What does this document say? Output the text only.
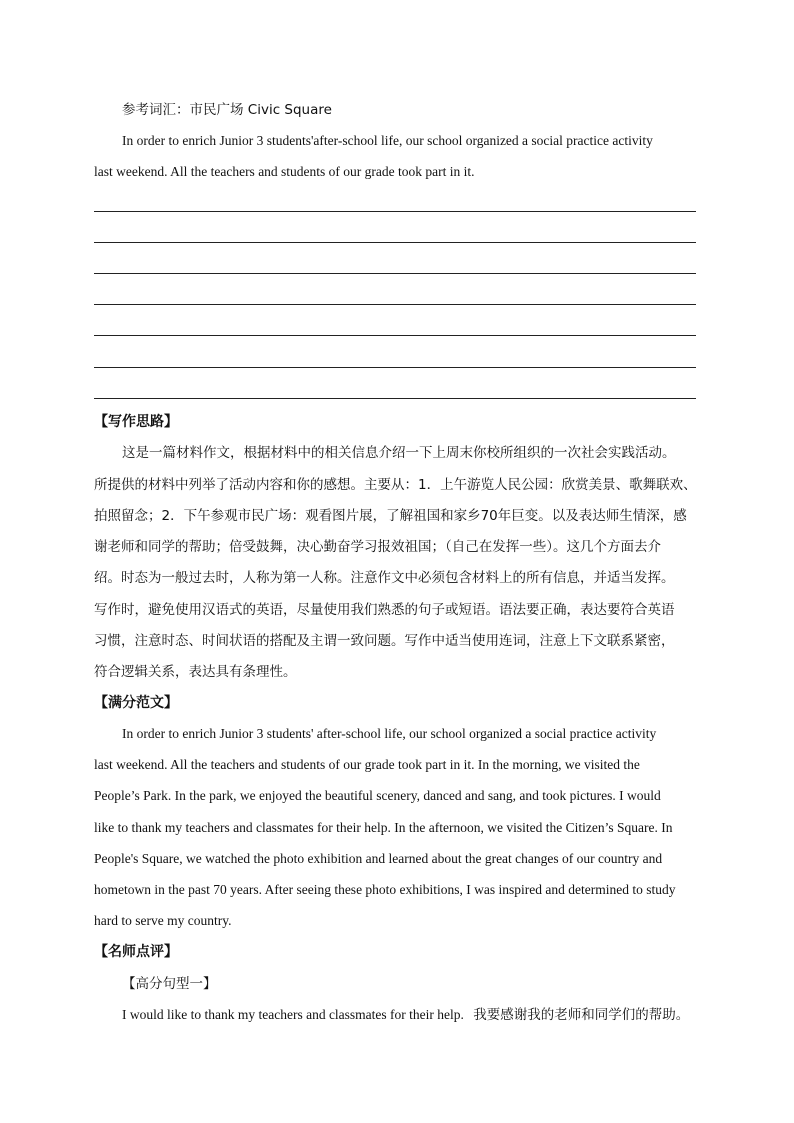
参考词汇：市民广场 Civic Square
In order to enrich Junior 3 students'after-school life, our school organized a social practice activity
last weekend. All the teachers and students of our grade took part in it.
【写作思路】
这是一篇材料作文，根据材料中的相关信息介绍一下上周末你校所组织的一次社会实践活动。
所提供的材料中列举了活动内容和你的感想。主要从：1．上午游览人民公园：欣赏美景、歌舞联欢、
拍照留念；2．下午参观市民广场：观看图片展，了解祖国和家乡70年巨变。以及表达师生情深，感
谢老师和同学的帮助；倍受鼓舞，决心勤奋学习报效祖国；（自己在发挥一些）。这几个方面去介
绍。时态为一般过去时，人称为第一人称。注意作文中必须包含材料上的所有信息，并适当发挥。
写作时，避免使用汉语式的英语，尽量使用我们熟悉的句子或短语。语法要正确，表达要符合英语
习惯，注意时态、时间状语的搭配及主谓一致问题。写作中适当使用连词，注意上下文联系紧密，
符合逻辑关系，表达具有条理性。
【满分范文】
In order to enrich Junior 3 students' after-school life, our school organized a social practice activity
last weekend. All the teachers and students of our grade took part in it. In the morning, we visited the
People’s Park. In the park, we enjoyed the beautiful scenery, danced and sang, and took pictures. I would
like to thank my teachers and classmates for their help. In the afternoon, we visited the Citizen’s Square. In
People's Square, we watched the photo exhibition and learned about the great changes of our country and
hometown in the past 70 years. After seeing these photo exhibitions, I was inspired and determined to study
hard to serve my country.
【名师点评】
【高分句型一】
I would like to thank my teachers and classmates for their help. 我要感谢我的老师和同学们的帮助。
